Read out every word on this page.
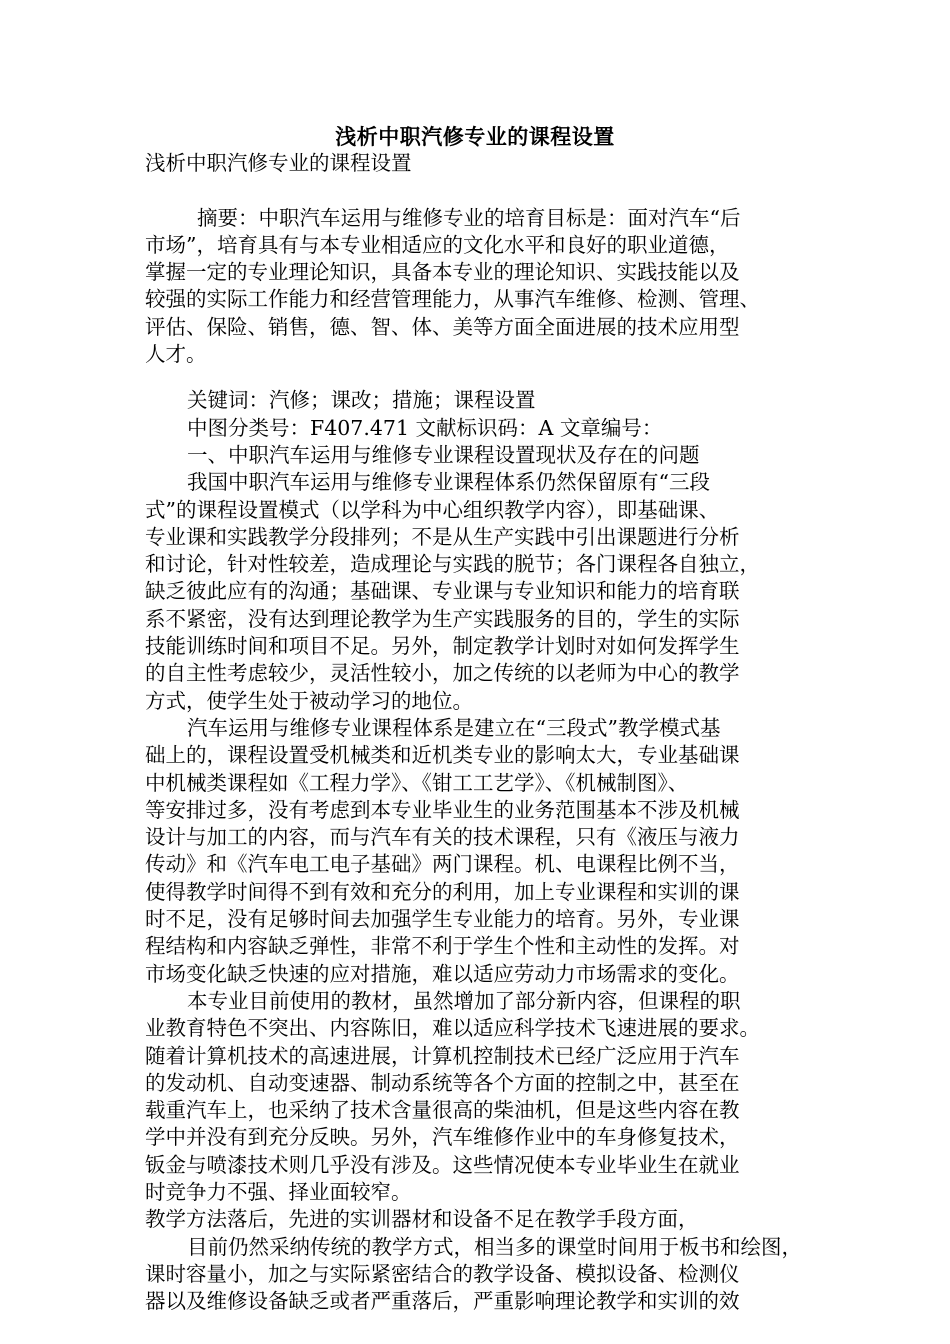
浅析中职汽修专业的课程设置
浅析中职汽修专业的课程设置
摘要：中职汽车运用与维修专业的培育目标是：面对汽车“后
市场”，培育具有与本专业相适应的文化水平和良好的职业道德，
掌握一定的专业理论知识，具备本专业的理论知识、实践技能以及
较强的实际工作能力和经营管理能力，从事汽车维修、检测、管理、
评估、保险、销售，德、智、体、美等方面全面进展的技术应用型
人才。
关键词：汽修；课改；措施；课程设置
中图分类号：F407.471 文献标识码：A 文章编号：
一、中职汽车运用与维修专业课程设置现状及存在的问题
我国中职汽车运用与维修专业课程体系仍然保留原有“三段
式”的课程设置模式（以学科为中心组织教学内容），即基础课、
专业课和实践教学分段排列；不是从生产实践中引出课题进行分析
和讨论，针对性较差，造成理论与实践的脱节；各门课程各自独立，
缺乏彼此应有的沟通；基础课、专业课与专业知识和能力的培育联
系不紧密，没有达到理论教学为生产实践服务的目的，学生的实际
技能训练时间和项目不足。另外，制定教学计划时对如何发挥学生
的自主性考虑较少，灵活性较小，加之传统的以老师为中心的教学
方式，使学生处于被动学习的地位。
汽车运用与维修专业课程体系是建立在“三段式”教学模式基
础上的，课程设置受机械类和近机类专业的影响太大，专业基础课
中机械类课程如《工程力学》、《钳工工艺学》、《机械制图》、
等安排过多，没有考虑到本专业毕业生的业务范围基本不涉及机械
设计与加工的内容，而与汽车有关的技术课程，只有《液压与液力
传动》和《汽车电工电子基础》两门课程。机、电课程比例不当，
使得教学时间得不到有效和充分的利用，加上专业课程和实训的课
时不足，没有足够时间去加强学生专业能力的培育。另外，专业课
程结构和内容缺乏弹性，非常不利于学生个性和主动性的发挥。对
市场变化缺乏快速的应对措施，难以适应劳动力市场需求的变化。
本专业目前使用的教材，虽然增加了部分新内容，但课程的职
业教育特色不突出、内容陈旧，难以适应科学技术飞速进展的要求。
随着计算机技术的高速进展，计算机控制技术已经广泛应用于汽车
的发动机、自动变速器、制动系统等各个方面的控制之中，甚至在
载重汽车上，也采纳了技术含量很高的柴油机，但是这些内容在教
学中并没有到充分反映。另外，汽车维修作业中的车身修复技术，
钣金与喷漆技术则几乎没有涉及。这些情况使本专业毕业生在就业
时竞争力不强、择业面较窄。
教学方法落后，先进的实训器材和设备不足在教学手段方面，
目前仍然采纳传统的教学方式，相当多的课堂时间用于板书和绘图，
课时容量小，加之与实际紧密结合的教学设备、模拟设备、检测仪
器以及维修设备缺乏或者严重落后，严重影响理论教学和实训的效
